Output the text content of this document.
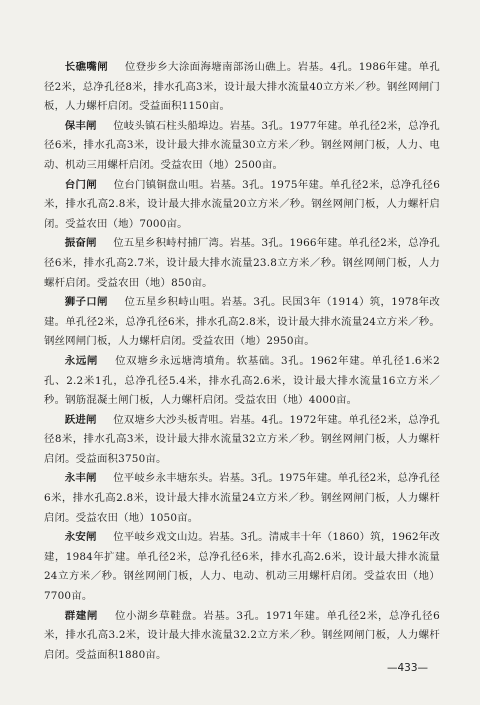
长礁嘴闸 位登步乡大涂面海塘南部汤山礁上。岩基。4孔。1986年建。单孔径2米，总净孔径8米，排水孔高3米，设计最大排水流量40立方米／秒。钢丝网闸门板，人力螺杆启闭。受益面积1150亩。

保丰闸 位岐头镇石柱头船埠边。岩基。3孔。1977年建。单孔径2米，总净孔径6米，排水孔高3米，设计最大排水流量30立方米／秒。钢丝网闸门板，人力、电动、机动三用螺杆启闭。受益农田（地）2500亩。

台门闸 位台门镇铜盘山咀。岩基。3孔。1975年建。单孔径2米，总净孔径6米，排水孔高2.8米，设计最大排水流量20立方米／秒。钢丝网闸门板，人力螺杆启闭。受益农田（地）7000亩。

振奋闸 位五星乡积峙村捕厂湾。岩基。3孔。1966年建。单孔径2米，总净孔径6米，排水孔高2.7米，设计最大排水流量23.8立方米／秒。钢丝网闸门板，人力螺杆启闭。受益农田（地）850亩。

狮子口闸 位五星乡积峙山咀。岩基。3孔。民国3年（1914）筑，1978年改建。单孔径2米，总净孔径6米，排水孔高2.8米，设计最大排水流量24立方米／秒。钢丝网闸门板，人力螺杆启闭。受益农田（地）2950亩。

永远闸 位双塘乡永远塘湾墳角。软基础。3孔。1962年建。单孔径1.6米2孔、2.2米1孔，总净孔径5.4米，排水孔高2.6米，设计最大排水流量16立方米／秒。钢筋混凝土闸门板，人力螺杆启闭。受益农田（地）4000亩。

跃进闸 位双塘乡大沙头板青咀。岩基。4孔。1972年建。单孔径2米，总净孔径8米，排水孔高3米，设计最大排水流量32立方米／秒。钢丝网闸门板，人力螺杆启闭。受益面积3750亩。

永丰闸 位平岐乡永丰塘东头。岩基。3孔。1975年建。单孔径2米，总净孔径6米，排水孔高2.8米，设计最大排水流量24立方米／秒。钢丝网闸门板，人力螺杆启闭。受益农田（地）1050亩。

永安闸 位平岐乡戏文山边。岩基。3孔。清咸丰十年（1860）筑，1962年改建，1984年扩建。单孔径2米，总净孔径6米，排水孔高2.6米，设计最大排水流量24立方米／秒。钢丝网闸门板，人力、电动、机动三用螺杆启闭。受益农田（地）7700亩。

群建闸 位小湖乡草鞋盘。岩基。3孔。1971年建。单孔径2米，总净孔径6米，排水孔高3.2米，设计最大排水流量32.2立方米／秒。钢丝网闸门板，人力螺杆启闭。受益面积1880亩。

—433—
